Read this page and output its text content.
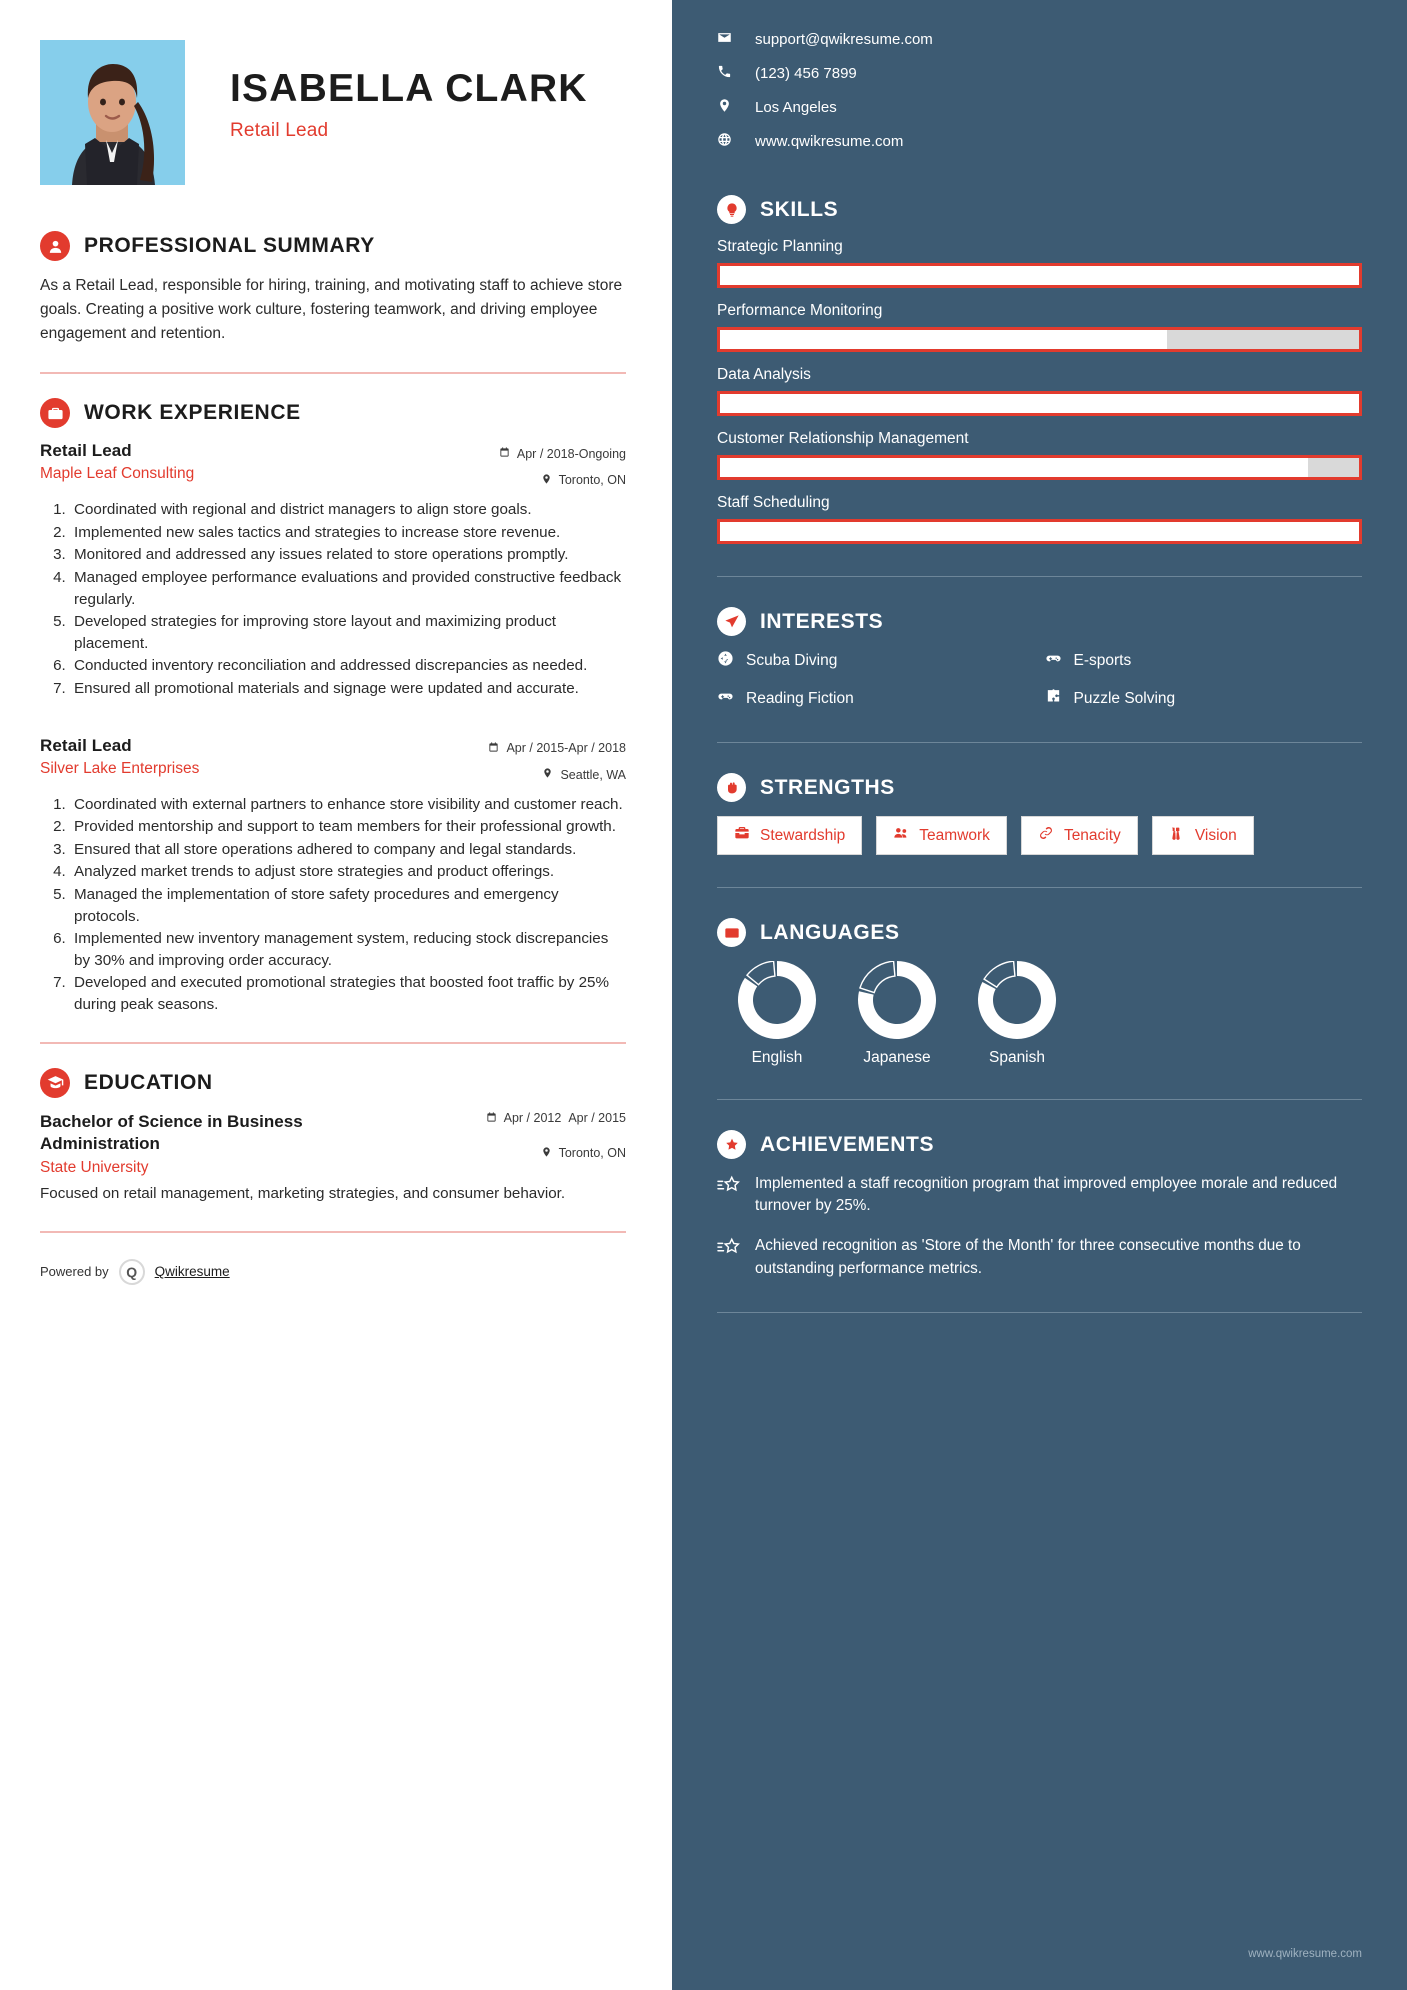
ISABELLA CLARK
Retail Lead
PROFESSIONAL SUMMARY

As a Retail Lead, responsible for hiring, training, and motivating staff to achieve store goals. Creating a positive work culture, fostering teamwork, and driving employee engagement and retention.

WORK EXPERIENCE
Retail Lead
Maple Leaf Consulting
Apr / 2018-Ongoing
Toronto, ON
1. Coordinated with regional and district managers to align store goals.
2. Implemented new sales tactics and strategies to increase store revenue.
3. Monitored and addressed any issues related to store operations promptly.
4. Managed employee performance evaluations and provided constructive feedback regularly.
5. Developed strategies for improving store layout and maximizing product placement.
6. Conducted inventory reconciliation and addressed discrepancies as needed.
7. Ensured all promotional materials and signage were updated and accurate.
Retail Lead
Silver Lake Enterprises
Apr / 2015-Apr / 2018
Seattle, WA
1. Coordinated with external partners to enhance store visibility and customer reach.
2. Provided mentorship and support to team members for their professional growth.
3. Ensured that all store operations adhered to company and legal standards.
4. Analyzed market trends to adjust store strategies and product offerings.
5. Managed the implementation of store safety procedures and emergency protocols.
6. Implemented new inventory management system, reducing stock discrepancies by 30% and improving order accuracy.
7. Developed and executed promotional strategies that boosted foot traffic by 25% during peak seasons.
EDUCATION
Bachelor of Science in Business Administration
State University
Apr / 2012 Apr / 2015
Toronto, ON

Focused on retail management, marketing strategies, and consumer behavior.

Powered by	Q	Qwikresume
support@qwikresume.com
(123) 456 7899
Los Angeles
www.qwikresume.com
SKILLS
Strategic Planning
Performance Monitoring
Data Analysis
Customer Relationship Management
Staff Scheduling
INTERESTS
Scuba Diving	E-sports
Reading Fiction	Puzzle Solving
STRENGTHS
Stewardship	Teamwork	Tenacity	Vision
LANGUAGES
English	Japanese	Spanish
ACHIEVEMENTS
Implemented a staff recognition program that improved employee morale and reduced turnover by 25%.
Achieved recognition as 'Store of the Month' for three consecutive months due to outstanding performance metrics.
www.qwikresume.com
